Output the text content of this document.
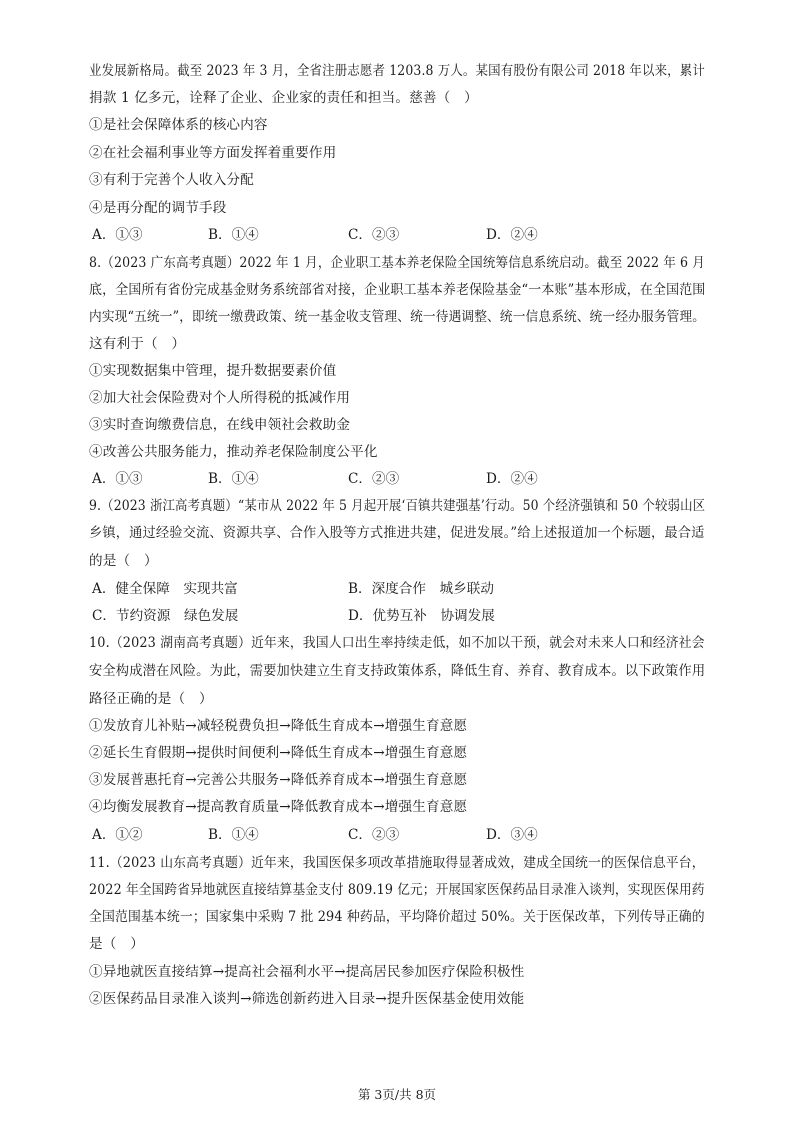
业发展新格局。截至 2023 年 3 月，全省注册志愿者 1203.8 万人。某国有股份有限公司 2018 年以来，累计
捐款 1 亿多元，诠释了企业、企业家的责任和担当。慈善（　）
①是社会保障体系的核心内容
②在社会福利事业等方面发挥着重要作用
③有利于完善个人收入分配
④是再分配的调节手段
A．①③	B．①④	C．②③	D．②④
8.（2023 广东高考真题）2022 年 1 月，企业职工基本养老保险全国统筹信息系统启动。截至 2022 年 6 月
底，全国所有省份完成基金财务系统部省对接，企业职工基本养老保险基金“一本账”基本形成，在全国范围
内实现“五统一”，即统一缴费政策、统一基金收支管理、统一待遇调整、统一信息系统、统一经办服务管理。
这有利于（　）
①实现数据集中管理，提升数据要素价值
②加大社会保险费对个人所得税的抵减作用
③实时查询缴费信息，在线申领社会救助金
④改善公共服务能力，推动养老保险制度公平化
A．①③	B．①④	C．②③	D．②④
9.（2023 浙江高考真题）“某市从 2022 年 5 月起开展‘百镇共建强基’行动。50 个经济强镇和 50 个较弱山区
乡镇，通过经验交流、资源共享、合作入股等方式推进共建，促进发展。”给上述报道加一个标题，最合适
的是（　）
A．健全保障　实现共富	B．深度合作　城乡联动
C．节约资源　绿色发展	D．优势互补　协调发展
10.（2023 湖南高考真题）近年来，我国人口出生率持续走低，如不加以干预，就会对未来人口和经济社会
安全构成潜在风险。为此，需要加快建立生育支持政策体系，降低生育、养育、教育成本。以下政策作用
路径正确的是（　）
①发放育儿补贴→减轻税费负担→降低生育成本→增强生育意愿
②延长生育假期→提供时间便利→降低生育成本→增强生育意愿
③发展普惠托育→完善公共服务→降低养育成本→增强生育意愿
④均衡发展教育→提高教育质量→降低教育成本→增强生育意愿
A．①②	B．①④	C．②③	D．③④
11.（2023 山东高考真题）近年来，我国医保多项改革措施取得显著成效，建成全国统一的医保信息平台，
2022 年全国跨省异地就医直接结算基金支付 809.19 亿元；开展国家医保药品目录准入谈判，实现医保用药
全国范围基本统一；国家集中采购 7 批 294 种药品，平均降价超过 50%。关于医保改革，下列传导正确的
是（　）
①异地就医直接结算→提高社会福利水平→提高居民参加医疗保险积极性
②医保药品目录准入谈判→筛选创新药进入目录→提升医保基金使用效能
第 3页/共 8页
